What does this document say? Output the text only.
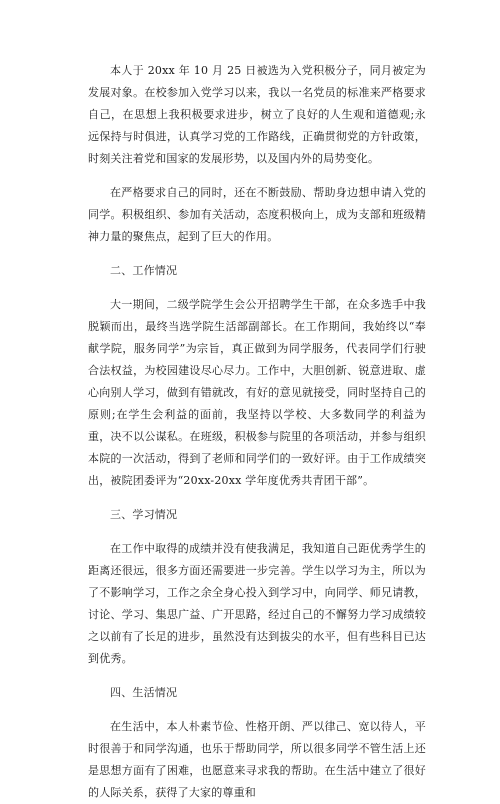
本人于 20xx 年 10 月 25 日被选为入党积极分子，同月被定为发展对象。在校参加入党学习以来，我以一名党员的标准来严格要求自己，在思想上我积极要求进步，树立了良好的人生观和道德观;永远保持与时俱进，认真学习党的工作路线，正确贯彻党的方针政策，时刻关注着党和国家的发展形势，以及国内外的局势变化。

在严格要求自己的同时，还在不断鼓励、帮助身边想申请入党的同学。积极组织、参加有关活动，态度积极向上，成为支部和班级精神力量的聚焦点，起到了巨大的作用。

二、工作情况

大一期间，二级学院学生会公开招聘学生干部，在众多选手中我脱颖而出，最终当选学院生活部副部长。在工作期间，我始终以“奉献学院，服务同学”为宗旨，真正做到为同学服务，代表同学们行驶合法权益，为校园建设尽心尽力。工作中，大胆创新、锐意进取、虚心向别人学习，做到有错就改，有好的意见就接受，同时坚持自己的原则;在学生会利益的面前，我坚持以学校、大多数同学的利益为重，决不以公谋私。在班级，积极参与院里的各项活动，并参与组织本院的一次活动，得到了老师和同学们的一致好评。由于工作成绩突出，被院团委评为“20xx-20xx 学年度优秀共青团干部”。

三、学习情况

在工作中取得的成绩并没有使我满足，我知道自己距优秀学生的距离还很远，很多方面还需要进一步完善。学生以学习为主，所以为了不影响学习，工作之余全身心投入到学习中，向同学、师兄请教，讨论、学习、集思广益、广开思路，经过自己的不懈努力学习成绩较之以前有了长足的进步，虽然没有达到拔尖的水平，但有些科目已达到优秀。

四、生活情况

在生活中，本人朴素节俭、性格开朗、严以律己、宽以待人，平时很善于和同学沟通，也乐于帮助同学，所以很多同学不管生活上还是思想方面有了困难，也愿意来寻求我的帮助。在生活中建立了很好的人际关系，获得了大家的尊重和
